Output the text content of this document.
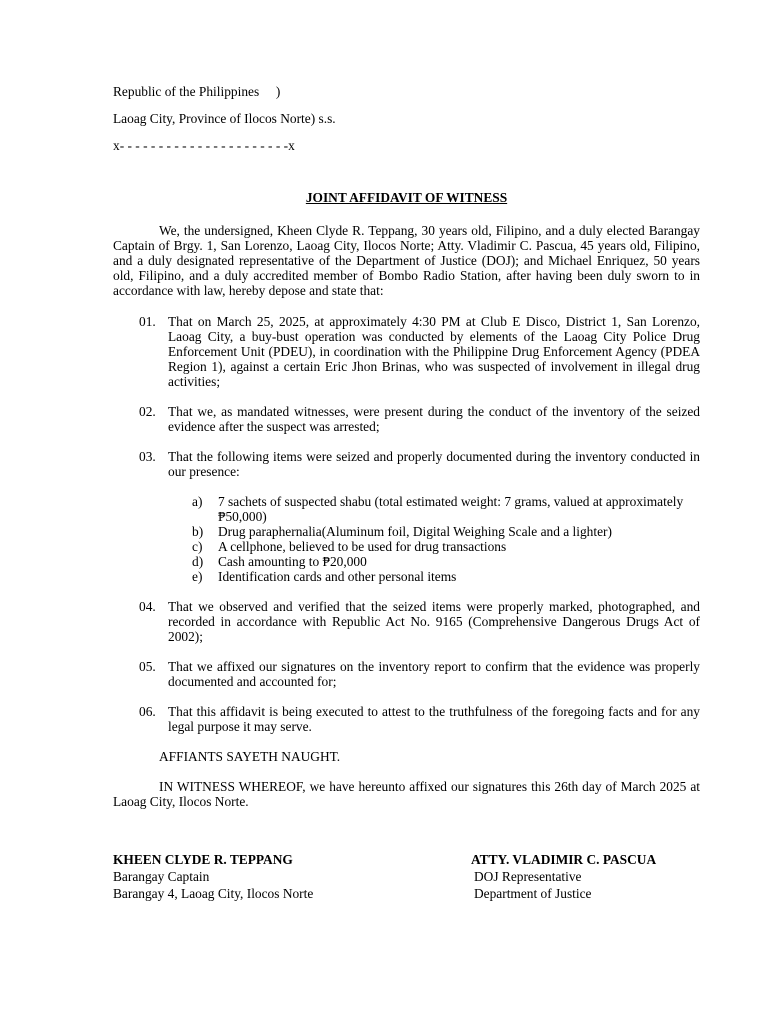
Republic of the Philippines     )
Laoag City, Province of Ilocos Norte) s.s.
x- - - - - - - - - - - - - - - - - - - - - -x
JOINT AFFIDAVIT OF WITNESS

We, the undersigned, Kheen Clyde R. Teppang, 30 years old, Filipino, and a duly elected Barangay Captain of Brgy. 1, San Lorenzo, Laoag City, Ilocos Norte; Atty. Vladimir C. Pascua, 45 years old, Filipino, and a duly designated representative of the Department of Justice (DOJ); and Michael Enriquez, 50 years old, Filipino, and a duly accredited member of Bombo Radio Station, after having been duly sworn to in accordance with law, hereby depose and state that:

01. That on March 25, 2025, at approximately 4:30 PM at Club E Disco, District 1, San Lorenzo, Laoag City, a buy-bust operation was conducted by elements of the Laoag City Police Drug Enforcement Unit (PDEU), in coordination with the Philippine Drug Enforcement Agency (PDEA Region 1), against a certain Eric Jhon Brinas, who was suspected of involvement in illegal drug activities;
02. That we, as mandated witnesses, were present during the conduct of the inventory of the seized evidence after the suspect was arrested;
03. That the following items were seized and properly documented during the inventory conducted in our presence:
a) 7 sachets of suspected shabu (total estimated weight: 7 grams, valued at approximately ₱50,000)
b) Drug paraphernalia(Aluminum foil, Digital Weighing Scale and a lighter)
c) A cellphone, believed to be used for drug transactions
d) Cash amounting to ₱20,000
e) Identification cards and other personal items
04. That we observed and verified that the seized items were properly marked, photographed, and recorded in accordance with Republic Act No. 9165 (Comprehensive Dangerous Drugs Act of 2002);
05. That we affixed our signatures on the inventory report to confirm that the evidence was properly documented and accounted for;
06. That this affidavit is being executed to attest to the truthfulness of the foregoing facts and for any legal purpose it may serve.
AFFIANTS SAYETH NAUGHT.

IN WITNESS WHEREOF, we have hereunto affixed our signatures this 26th day of March 2025 at Laoag City, Ilocos Norte.

KHEEN CLYDE R. TEPPANG
Barangay Captain
Barangay 4, Laoag City, Ilocos Norte
ATTY. VLADIMIR C. PASCUA
DOJ Representative
Department of Justice
